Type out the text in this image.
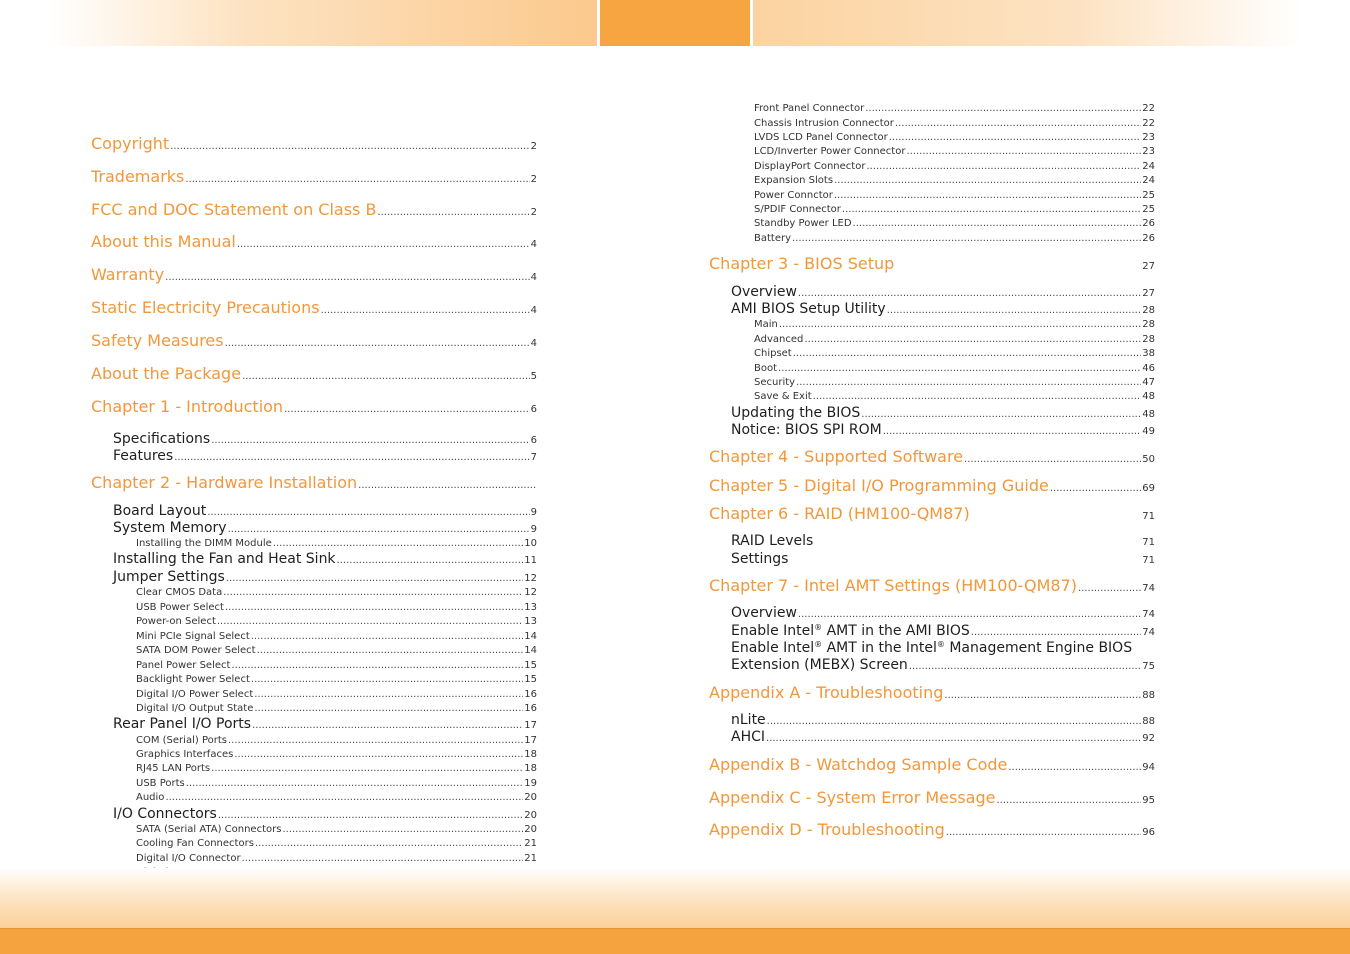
Copyright .....	2
Trademarks .....	2
FCC and DOC Statement on Class B .....	2
About this Manual .....	4
Warranty .....	4
Static Electricity Precautions .....	4
Safety Measures .....	4
About the Package .....	5
Chapter 1 - Introduction .....	6
Specifications .....	6
Features .....	7
Chapter 2 - Hardware Installation
.....
Board Layout .....	9
System Memory .....	9
Installing the DIMM Module .....	10
Installing the Fan and Heat Sink .....	11
Jumper Settings .....	12
Clear CMOS Data .....	12
USB Power Select .....	13
Power-on Select .....	13
Mini PCIe Signal Select .....	14
SATA DOM Power Select .....	14
Panel Power Select .....	15
Backlight Power Select .....	15
Digital I/O Power Select .....	16
Digital I/O Output State .....	16
Rear Panel I/O Ports .....	17
COM (Serial) Ports .....	17
Graphics Interfaces .....	18
RJ45 LAN Ports .....	18
USB Ports .....	19
Audio .....	20
I/O Connectors .....	20
SATA (Serial ATA) Connectors .....	20
Cooling Fan Connectors .....	21
Digital I/O Connector .....	21
.....
Front Panel Connector .....	22
Chassis Intrusion Connector .....	22
LVDS LCD Panel Connector .....	23
LCD/Inverter Power Connector .....	23
DisplayPort Connector .....	24
Expansion Slots .....	24
Power Connctor .....	25
S/PDIF Connector .....	25
Standby Power LED .....	26
Battery .....	26
Chapter 3 - BIOS Setup	27
Overview .....	27
AMI BIOS Setup Utility .....	28
Main .....	28
Advanced .....	28
Chipset .....	38
Boot .....	46
Security .....	47
Save & Exit .....	48
Updating the BIOS .....	48
Notice: BIOS SPI ROM .....	49
Chapter 4 - Supported Software .....	50
Chapter 5 - Digital I/O Programming Guide .....	69
Chapter 6 - RAID (HM100-QM87)	71
RAID Levels	71
Settings	71
Chapter 7 - Intel AMT Settings (HM100-QM87) .....	74
Overview .....	74
Enable Intel® AMT in the AMI BIOS .....	74
Enable Intel® AMT in the Intel® Management Engine BIOS
Extension (MEBX) Screen .....	75
Appendix A - Troubleshooting .....	88
nLite .....	88
AHCI .....	92
Appendix B - Watchdog Sample Code .....	94
Appendix C - System Error Message .....	95
Appendix D - Troubleshooting .....	96
